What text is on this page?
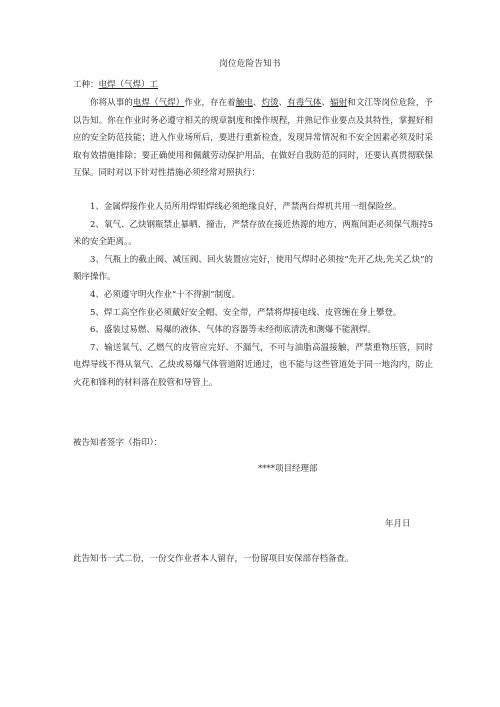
岗位危险告知书
工种：电焊（气焊）工

你将从事的电焊（气焊）作业，存在着触电、灼烫、有毒气体、辐射和文江等岗位危险，予以告知。你在作业时务必遵守相关的规章制度和操作规程，并熟记作业要点及其特性，掌握好相应的安全防范技能；进入作业场所后，要进行重新检查，发现异常情况和不安全因素必须及时采取有效措施排除；要正确使用和佩戴劳动保护用品，在做好自我防范的同时，还要认真贯彻联保互保。同时对以下针对性措施必须经常对照执行：

1、金属焊接作业人员所用焊钳焊线必须绝缘良好，严禁两台焊机共用一组保险丝。

2、氧气、乙炔钢瓶禁止暴晒、撞击，严禁存放在接近热源的地方，两瓶间距必须保气瓶持5米的安全距离。。

3、气瓶上的截止阀、减压阀、回火装置应完好，使用气焊时必须按“先开乙炔,先关乙炔”的顺序操作。

4、必须遵守明火作业“十不得割”制度。

5、焊工高空作业必须戴好安全帽、安全带，严禁将焊接电线、皮管缠在身上攀登。

6、盛装过易燃、易爆的液体、气体的容器等未经彻底清洗和测爆不能割焊。

7、输送氧气、乙燃气的皮管应完好、不漏气，不可与油脂高温接触，严禁重物压管，同时电焊导线不得从氧气、乙炔或易爆气体管道附近通过，也不能与这些管道处于同一地沟内，防止火花和锋利的材料落在胶管和导管上。

被告知者签字（指印）：
****项目经理部
年月日
此告知书一式二份，一份交作业者本人留存，一份留项目安保部存档备查。
